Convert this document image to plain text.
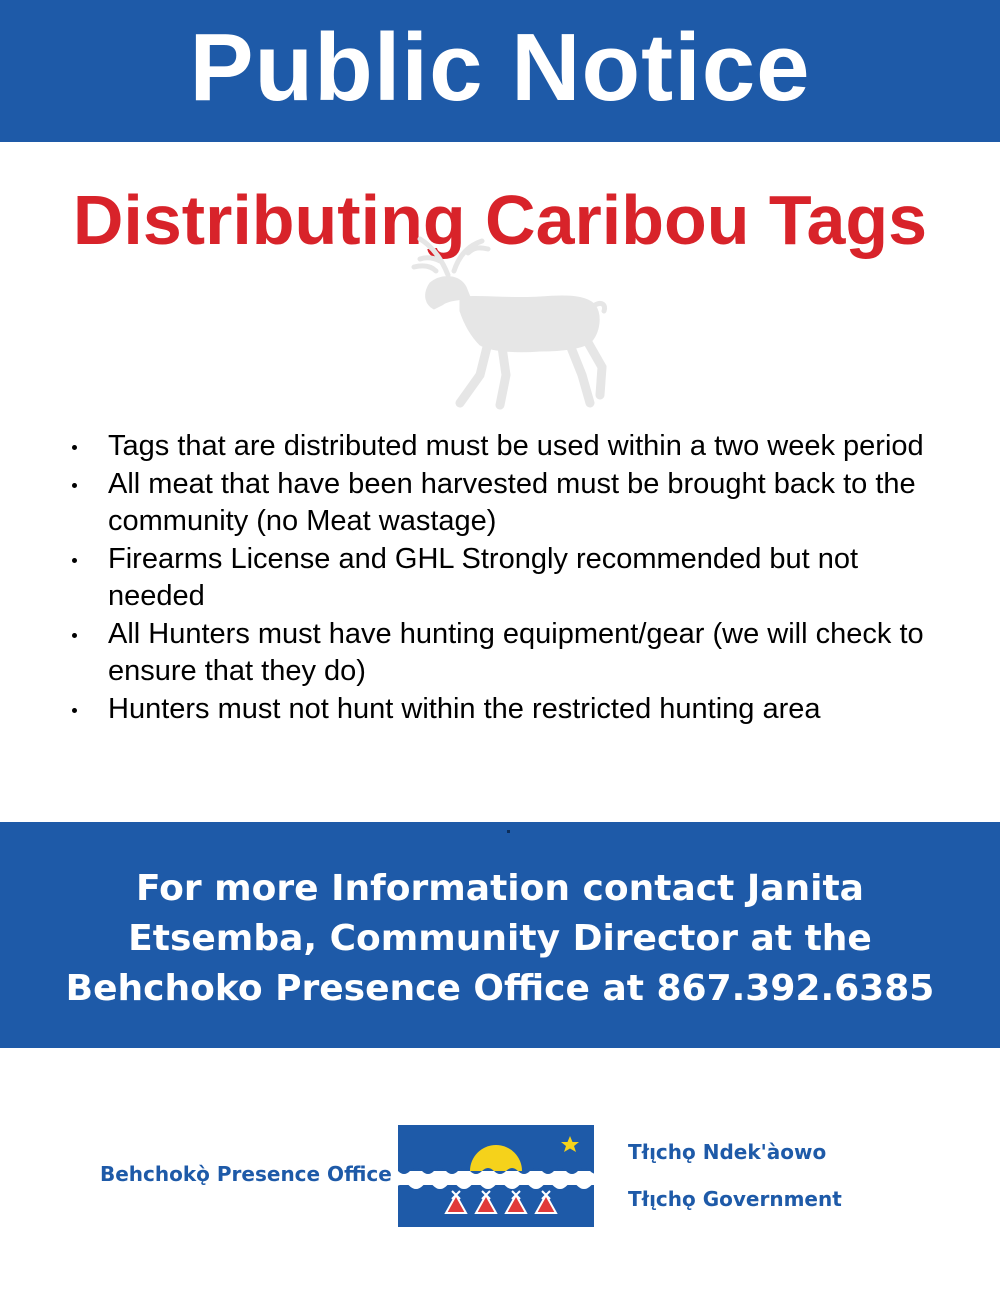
Public Notice
Distributing Caribou Tags
Tags that are distributed must be used within a two week period
All meat that have been harvested must be brought back to the community (no Meat wastage)
Firearms License and GHL Strongly recommended but not needed
All Hunters must have hunting equipment/gear (we will check to ensure that they do)
Hunters must not hunt within the restricted hunting area
For more Information contact Janita
Etsemba, Community Director at the
Behchoko Presence Office at 867.392.6385
Behchokǫ̀ Presence Office
Tłı̨chǫ Ndek'àowo
Tłı̨chǫ Government
